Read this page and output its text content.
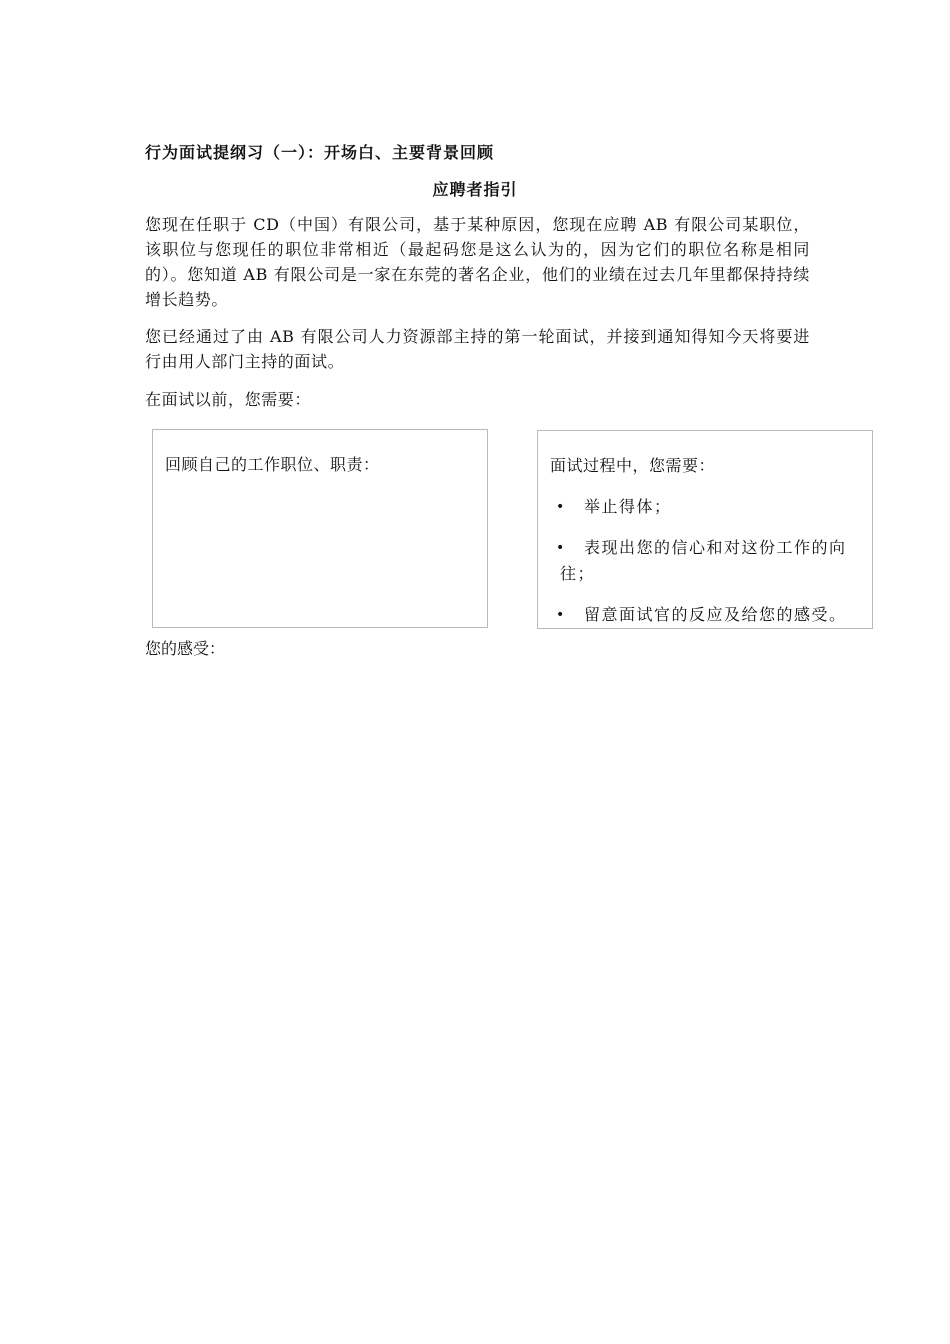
行为面试提纲习（一）：开场白、主要背景回顾
应聘者指引
您现在任职于 CD（中国）有限公司，基于某种原因，您现在应聘 AB 有限公司某职位，该职位与您现任的职位非常相近（最起码您是这么认为的，因为它们的职位名称是相同的）。您知道 AB 有限公司是一家在东莞的著名企业，他们的业绩在过去几年里都保持持续增长趋势。
您已经通过了由 AB 有限公司人力资源部主持的第一轮面试，并接到通知得知今天将要进行由用人部门主持的面试。
在面试以前，您需要：
回顾自己的工作职位、职责：	面试过程中，您需要：
• 举止得体；
• 表现出您的信心和对这份工作的向往；
• 留意面试官的反应及给您的感受。
您的感受：
